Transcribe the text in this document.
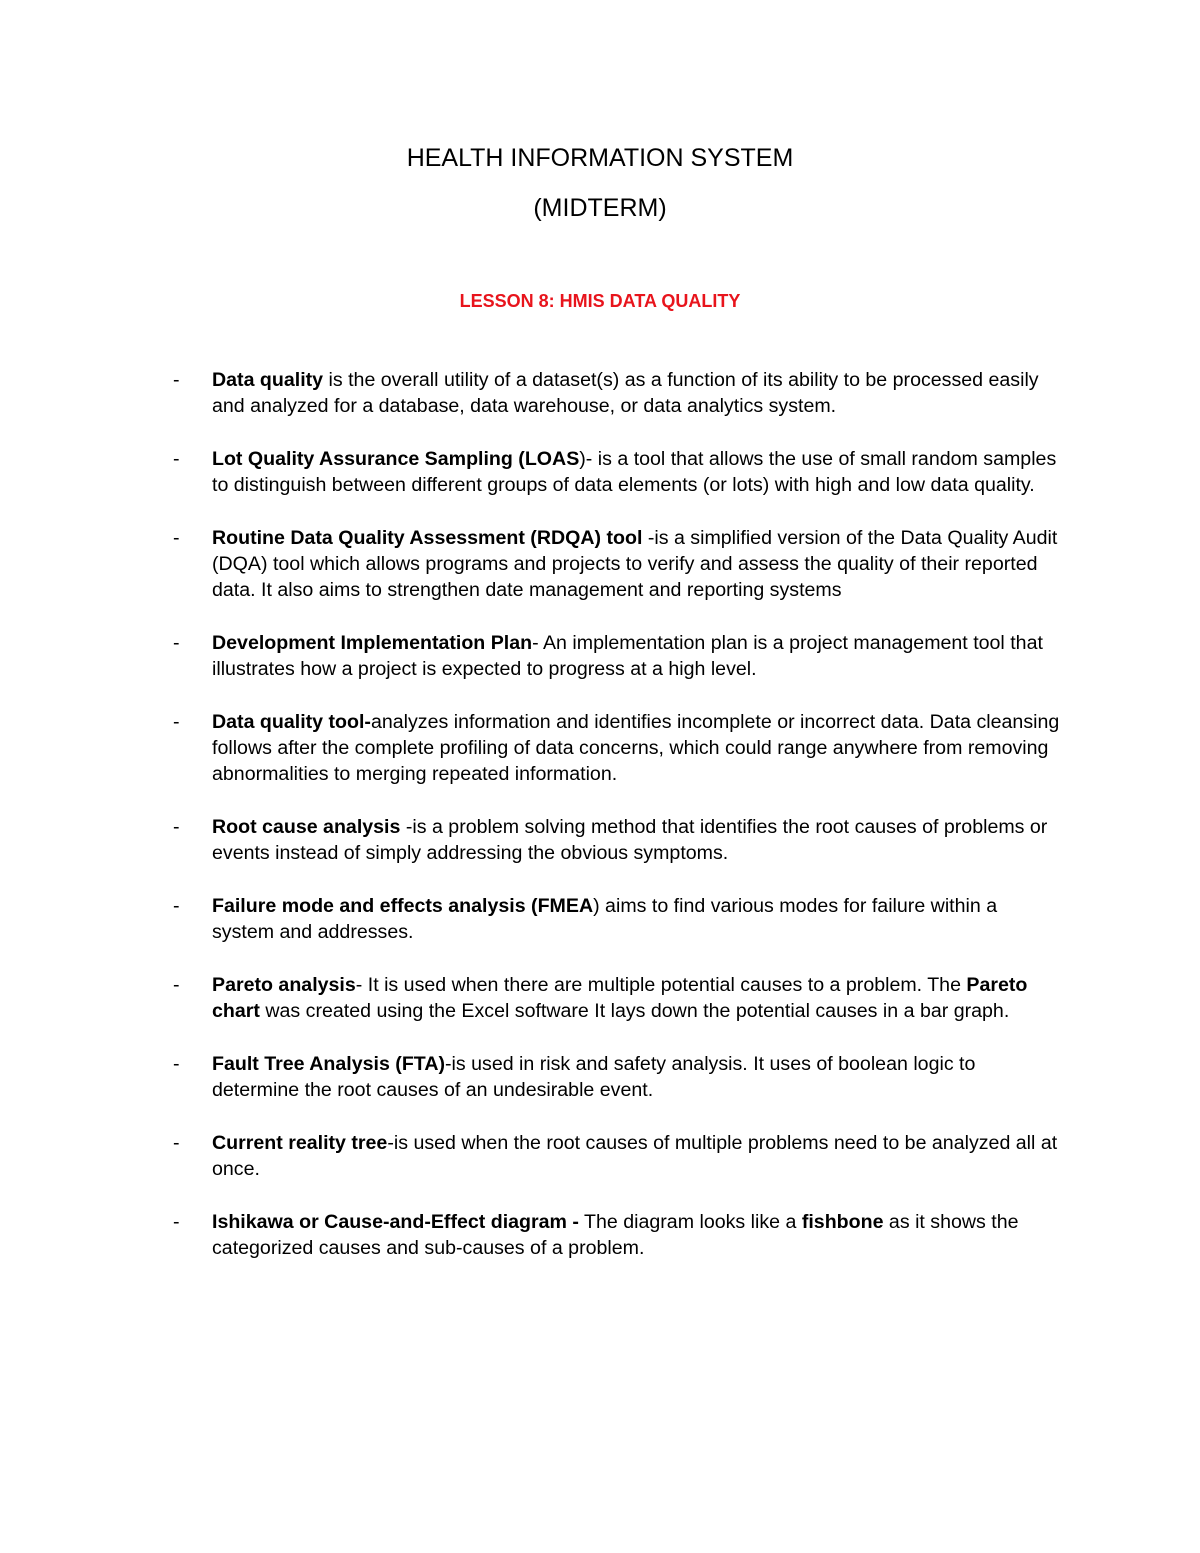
HEALTH INFORMATION SYSTEM
(MIDTERM)
LESSON 8: HMIS DATA QUALITY
- Data quality is the overall utility of a dataset(s) as a function of its ability to be processed easily and analyzed for a database, data warehouse, or data analytics system.
- Lot Quality Assurance Sampling (LOAS)- is a tool that allows the use of small random samples to distinguish between different groups of data elements (or lots) with high and low data quality.
- Routine Data Quality Assessment (RDQA) tool -is a simplified version of the Data Quality Audit (DQA) tool which allows programs and projects to verify and assess the quality of their reported data. It also aims to strengthen date management and reporting systems
- Development Implementation Plan- An implementation plan is a project management tool that illustrates how a project is expected to progress at a high level.
- Data quality tool-analyzes information and identifies incomplete or incorrect data. Data cleansing follows after the complete profiling of data concerns, which could range anywhere from removing abnormalities to merging repeated information.
- Root cause analysis -is a problem solving method that identifies the root causes of problems or events instead of simply addressing the obvious symptoms.
- Failure mode and effects analysis (FMEA) aims to find various modes for failure within a system and addresses.
- Pareto analysis- It is used when there are multiple potential causes to a problem. The Pareto chart was created using the Excel software It lays down the potential causes in a bar graph.
- Fault Tree Analysis (FTA)-is used in risk and safety analysis. It uses of boolean logic to determine the root causes of an undesirable event.
- Current reality tree-is used when the root causes of multiple problems need to be analyzed all at once.
- Ishikawa or Cause-and-Effect diagram - The diagram looks like a fishbone as it shows the categorized causes and sub-causes of a problem.
